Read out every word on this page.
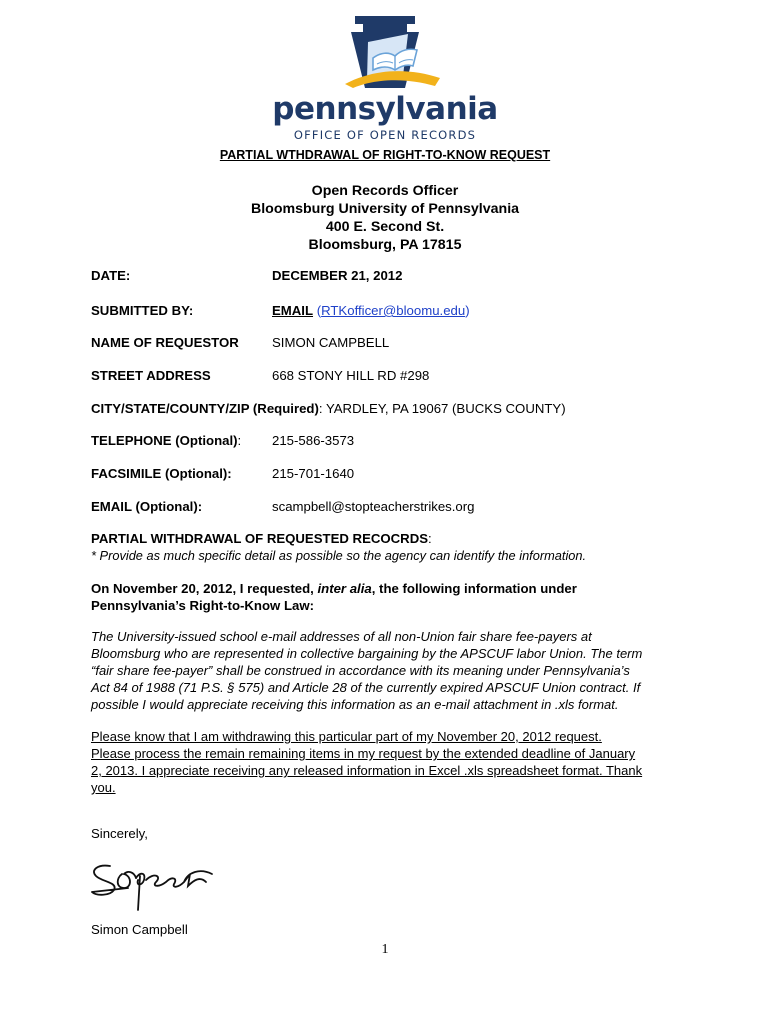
pennsylvania
OFFICE OF OPEN RECORDS
PARTIAL WTHDRAWAL OF RIGHT-TO-KNOW REQUEST
Open Records Officer
Bloomsburg University of Pennsylvania
400 E. Second St.
Bloomsburg, PA 17815
DATE:	DECEMBER 21, 2012
SUBMITTED BY:	EMAIL (RTKofficer@bloomu.edu)
NAME OF REQUESTOR	SIMON CAMPBELL
STREET ADDRESS	668 STONY HILL RD #298
CITY/STATE/COUNTY/ZIP (Required): YARDLEY, PA 19067 (BUCKS COUNTY)
TELEPHONE (Optional): 215-586-3573
FACSIMILE (Optional):	215-701-1640
EMAIL (Optional):	scampbell@stopteacherstrikes.org
PARTIAL WITHDRAWAL OF REQUESTED RECOCRDS:
* Provide as much specific detail as possible so the agency can identify the information.
On November 20, 2012, I requested, inter alia, the following information under
Pennsylvania’s Right-to-Know Law:
The University-issued school e-mail addresses of all non-Union fair share fee-payers at
Bloomsburg who are represented in collective bargaining by the APSCUF labor Union. The term
“fair share fee-payer” shall be construed in accordance with its meaning under Pennsylvania’s
Act 84 of 1988 (71 P.S. § 575) and Article 28 of the currently expired APSCUF Union contract. If
possible I would appreciate receiving this information as an e-mail attachment in .xls format.
Please know that I am withdrawing this particular part of my November 20, 2012 request.
Please process the remain remaining items in my request by the extended deadline of January
2, 2013. I appreciate receiving any released information in Excel .xls spreadsheet format. Thank
you.
Sincerely,
Simon Campbell
1
